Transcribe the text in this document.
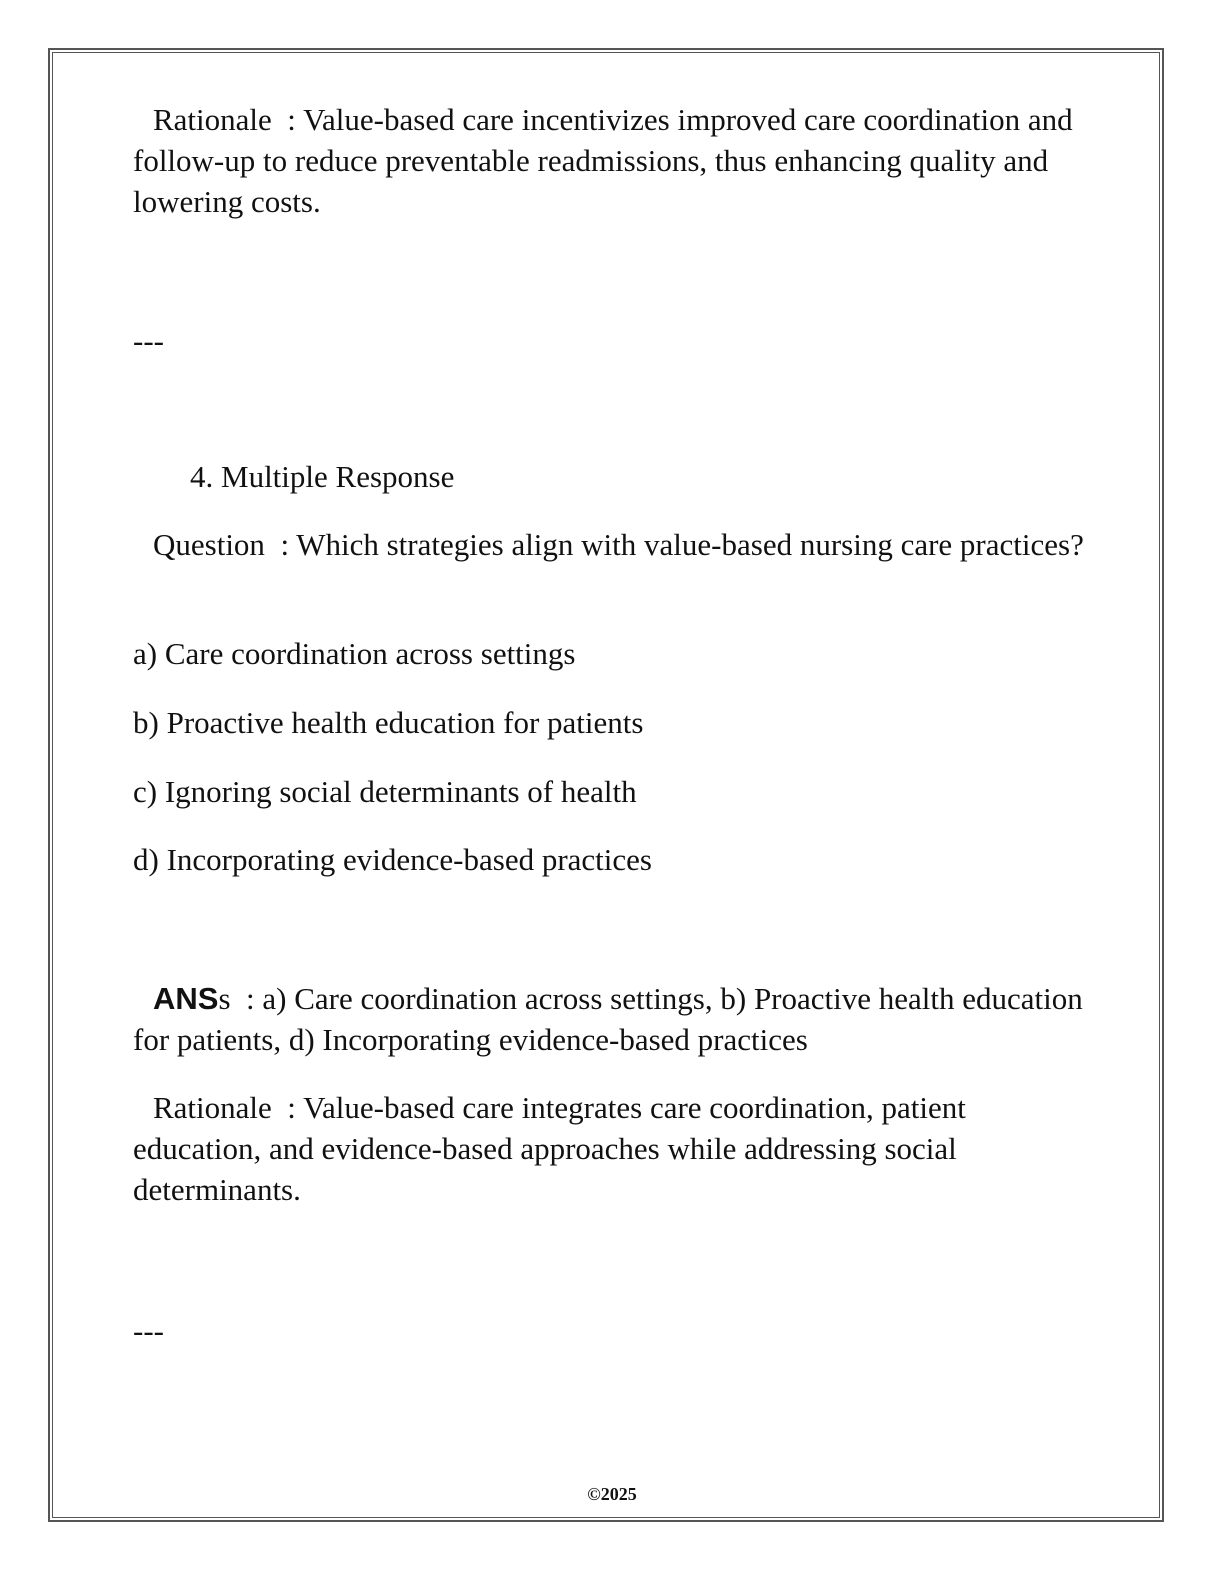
Rationale : Value-based care incentivizes improved care coordination and follow-up to reduce preventable readmissions, thus enhancing quality and lowering costs.

---
4. Multiple Response

Question : Which strategies align with value-based nursing care practices?

a) Care coordination across settings
b) Proactive health education for patients
c) Ignoring social determinants of health
d) Incorporating evidence-based practices

ANSs : a) Care coordination across settings, b) Proactive health education for patients, d) Incorporating evidence-based practices

Rationale : Value-based care integrates care coordination, patient education, and evidence-based approaches while addressing social determinants.

---
©2025
